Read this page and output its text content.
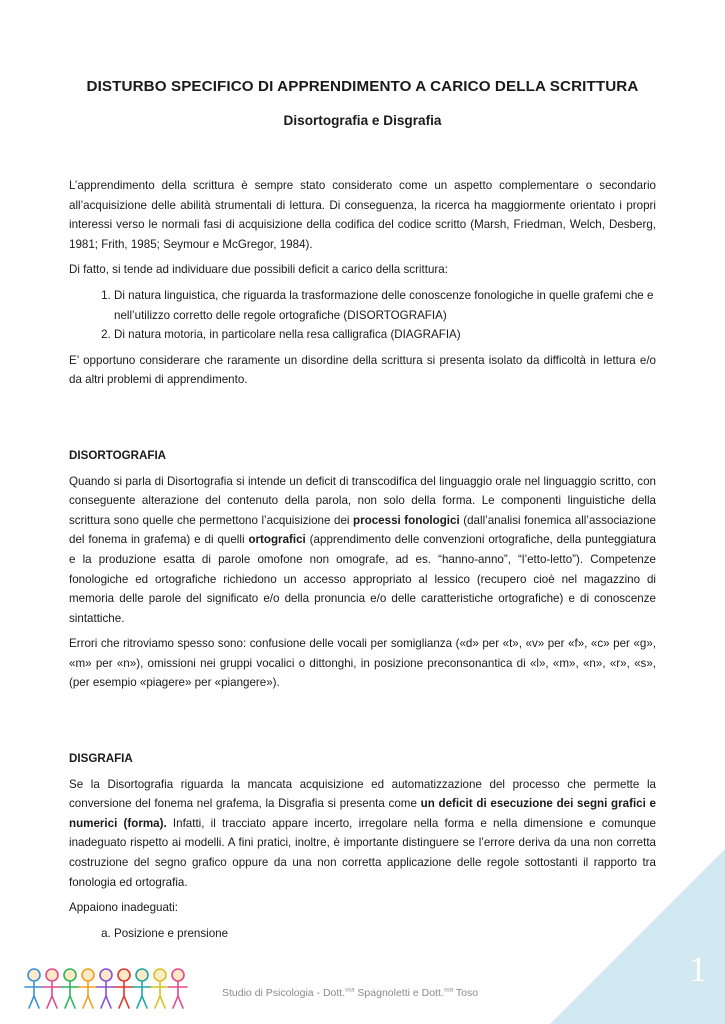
DISTURBO SPECIFICO DI APPRENDIMENTO A CARICO DELLA SCRITTURA
Disortografia e Disgrafia

L’apprendimento della scrittura è sempre stato considerato come un aspetto complementare o secondario all’acquisizione delle abilità strumentali di lettura. Di conseguenza, la ricerca ha maggiormente orientato i propri interessi verso le normali fasi di acquisizione della codifica del codice scritto (Marsh, Friedman, Welch, Desberg, 1981; Frith, 1985; Seymour e McGregor, 1984).

Di fatto, si tende ad individuare due possibili deficit a carico della scrittura:

1. Di natura linguistica, che riguarda la trasformazione delle conoscenze fonologiche in quelle grafemi che e nell’utilizzo corretto delle regole ortografiche (DISORTOGRAFIA)
2. Di natura motoria, in particolare nella resa calligrafica (DIAGRAFIA)

E’ opportuno considerare che raramente un disordine della scrittura si presenta isolato da difficoltà in lettura e/o da altri problemi di apprendimento.

DISORTOGRAFIA

Quando si parla di Disortografia si intende un deficit di transcodifica del linguaggio orale nel linguaggio scritto, con conseguente alterazione del contenuto della parola, non solo della forma. Le componenti linguistiche della scrittura sono quelle che permettono l’acquisizione dei processi fonologici (dall’analisi fonemica all’associazione del fonema in grafema) e di quelli ortografici (apprendimento delle convenzioni ortografiche, della punteggiatura e la produzione esatta di parole omofone non omografe, ad es. “hanno-anno”, “l’etto-letto”). Competenze fonologiche ed ortografiche richiedono un accesso appropriato al lessico (recupero cioè nel magazzino di memoria delle parole del significato e/o della pronuncia e/o delle caratteristiche ortografiche) e di conoscenze sintattiche.

Errori che ritroviamo spesso sono: confusione delle vocali per somiglianza («d» per «t», «v» per «f», «c» per «g», «m» per «n»), omissioni nei gruppi vocalici o dittonghi, in posizione preconsonantica di «l», «m», «n», «r», «s», (per esempio «piagere» per «piangere»).

DISGRAFIA

Se la Disortografia riguarda la mancata acquisizione ed automatizzazione del processo che permette la conversione del fonema nel grafema, la Disgrafia si presenta come un deficit di esecuzione dei segni grafici e numerici (forma). Infatti, il tracciato appare incerto, irregolare nella forma e nella dimensione e comunque inadeguato rispetto ai modelli. A fini pratici, inoltre, è importante distinguere se l’errore deriva da una non corretta costruzione del segno grafico oppure da una non corretta applicazione delle regole sottostanti il rapporto tra fonologia ed ortografia.

Appaiono inadeguati:

a. Posizione e prensione
Studio di Psicologia - Dott.$^{ssa}$ Spagnoletti e Dott.$^{ssa}$ Toso
1
